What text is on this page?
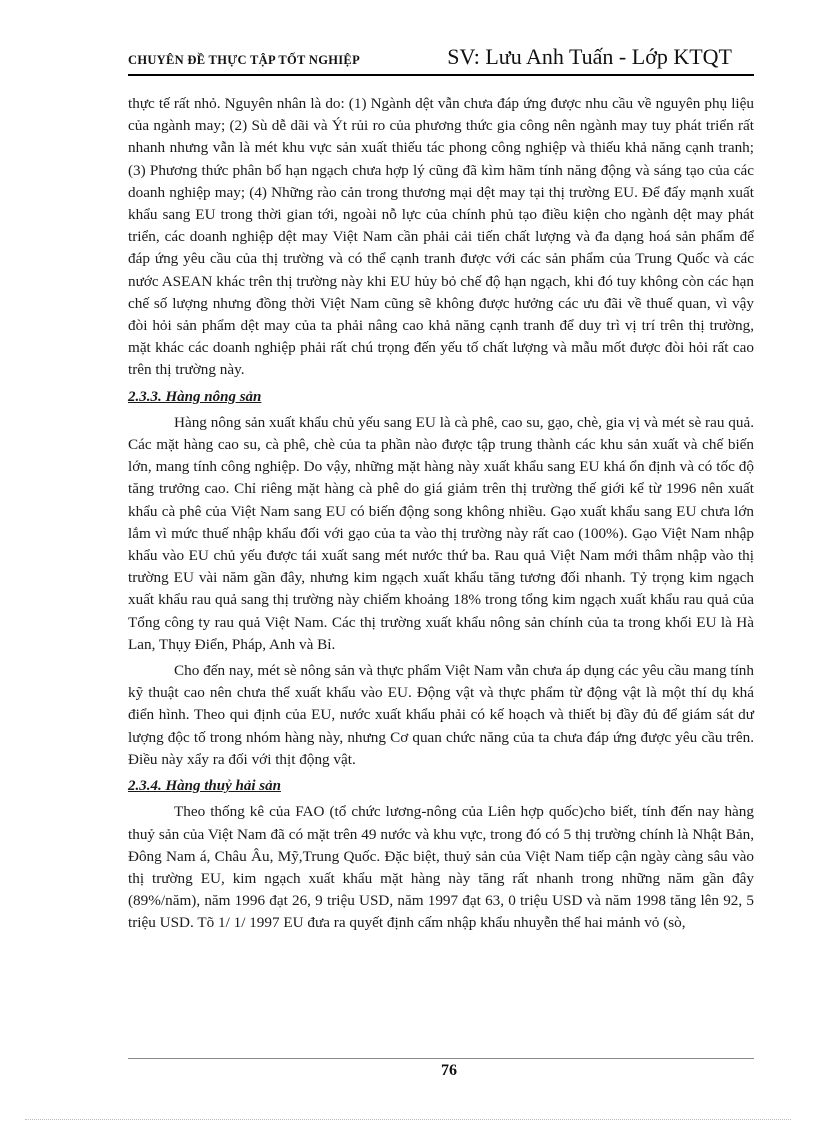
CHUYÊN ĐỀ THỰC TẬP TỐT NGHIỆP	SV: Lưu Anh Tuấn - Lớp KTQT

thực tế rất nhỏ. Nguyên nhân là do: (1) Ngành dệt vẫn chưa đáp ứng được nhu cầu về nguyên phụ liệu của ngành may; (2) Sù dễ dãi và Ýt rủi ro của phương thức gia công nên ngành may tuy phát triển rất nhanh nhưng vẫn là mét khu vực sản xuất thiếu tác phong công nghiệp và thiếu khả năng cạnh tranh; (3) Phương thức phân bổ hạn ngạch chưa hợp lý cũng đã kìm hãm tính năng động và sáng tạo của các doanh nghiệp may; (4) Những rào cản trong thương mại dệt may tại thị trường EU. Để đẩy mạnh xuất khẩu sang EU trong thời gian tới, ngoài nỗ lực của chính phủ tạo điều kiện cho ngành dệt may phát triển, các doanh nghiệp dệt may Việt Nam cần phải cải tiến chất lượng và đa dạng hoá sản phẩm để đáp ứng yêu cầu của thị trường và có thể cạnh tranh được với các sản phẩm của Trung Quốc và các nước ASEAN khác trên thị trường này khi EU hủy bỏ chế độ hạn ngạch, khi đó tuy không còn các hạn chế số lượng nhưng đồng thời Việt Nam cũng sẽ không được hưởng các ưu đãi về thuế quan, vì vậy đòi hỏi sản phẩm dệt may của ta phải nâng cao khả năng cạnh tranh để duy trì vị trí trên thị trường, mặt khác các doanh nghiệp phải rất chú trọng đến yếu tố chất lượng và mẫu mốt được đòi hỏi rất cao trên thị trường này.

2.3.3. Hàng nông sản

Hàng nông sản xuất khẩu chủ yếu sang EU là cà phê, cao su, gạo, chè, gia vị và mét sè rau quả. Các mặt hàng cao su, cà phê, chè của ta phần nào được tập trung thành các khu sản xuất và chế biến lớn, mang tính công nghiệp. Do vậy, những mặt hàng này xuất khẩu sang EU khá ổn định và có tốc độ tăng trưởng cao. Chỉ riêng mặt hàng cà phê do giá giảm trên thị trường thế giới kể từ 1996 nên xuất khẩu cà phê của Việt Nam sang EU có biến động song không nhiều. Gạo xuất khẩu sang EU chưa lớn lắm vì mức thuế nhập khẩu đối với gạo của ta vào thị trường này rất cao (100%). Gạo Việt Nam nhập khẩu vào EU chủ yếu được tái xuất sang mét nước thứ ba. Rau quả Việt Nam mới thâm nhập vào thị trường EU vài năm gần đây, nhưng kim ngạch xuất khẩu tăng tương đối nhanh. Tỷ trọng kim ngạch xuất khẩu rau quả sang thị trường này chiếm khoảng 18% trong tổng kim ngạch xuất khẩu rau quả của Tổng công ty rau quả Việt Nam. Các thị trường xuất khẩu nông sản chính của ta trong khối EU là Hà Lan, Thụy Điển, Pháp, Anh và Bỉ.

Cho đến nay, mét sè nông sản và thực phẩm Việt Nam vẫn chưa áp dụng các yêu cầu mang tính kỹ thuật cao nên chưa thể xuất khẩu vào EU. Động vật và thực phẩm từ động vật là một thí dụ khá điển hình. Theo qui định của EU, nước xuất khẩu phải có kế hoạch và thiết bị đầy đủ để giám sát dư lượng độc tố trong nhóm hàng này, nhưng Cơ quan chức năng của ta chưa đáp ứng được yêu cầu trên. Điều này xẩy ra đối với thịt động vật.

2.3.4. Hàng thuỷ hải sản

Theo thống kê của FAO (tổ chức lương-nông của Liên hợp quốc)cho biết, tính đến nay hàng thuỷ sản của Việt Nam đã có mặt trên 49 nước và khu vực, trong đó có 5 thị trường chính là Nhật Bản, Đông Nam á, Châu Âu, Mỹ,Trung Quốc. Đặc biệt, thuỷ sản của Việt Nam tiếp cận ngày càng sâu vào thị trường EU, kim ngạch xuất khẩu mặt hàng này tăng rất nhanh trong những năm gần đây (89%/năm), năm 1996 đạt 26, 9 triệu USD, năm 1997 đạt 63, 0 triệu USD và năm 1998 tăng lên 92, 5 triệu USD. Tõ 1/ 1/ 1997 EU đưa ra quyết định cấm nhập khẩu nhuyễn thể hai mảnh vỏ (sò,

76
